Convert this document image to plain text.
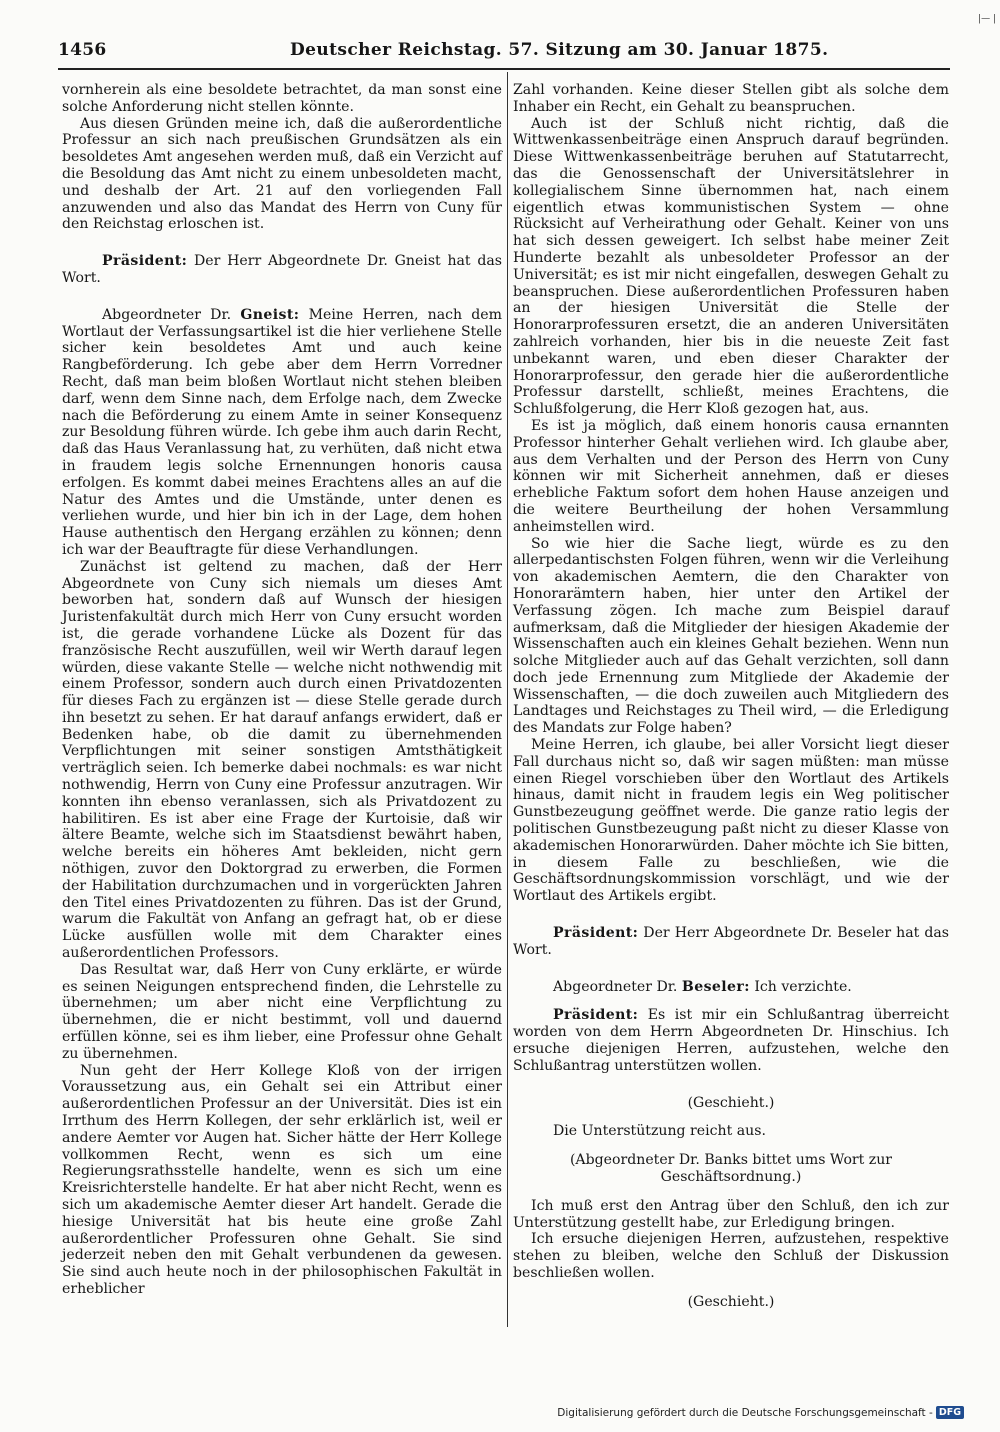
1456	Deutscher Reichstag. 57. Sitzung am 30. Januar 1875.
|— |

vornherein als eine besoldete betrachtet, da man sonst eine solche Anforderung nicht stellen könnte.

Aus diesen Gründen meine ich, daß die außerordentliche Professur an sich nach preußischen Grundsätzen als ein besoldetes Amt angesehen werden muß, daß ein Verzicht auf die Besoldung das Amt nicht zu einem unbesoldeten macht, und deshalb der Art. 21 auf den vorliegenden Fall anzuwenden und also das Mandat des Herrn von Cuny für den Reichstag erloschen ist.

Präsident: Der Herr Abgeordnete Dr. Gneist hat das Wort.

Abgeordneter Dr. Gneist: Meine Herren, nach dem Wortlaut der Verfassungsartikel ist die hier verliehene Stelle sicher kein besoldetes Amt und auch keine Rangbeförderung. Ich gebe aber dem Herrn Vorredner Recht, daß man beim bloßen Wortlaut nicht stehen bleiben darf, wenn dem Sinne nach, dem Erfolge nach, dem Zwecke nach die Beförderung zu einem Amte in seiner Konsequenz zur Besoldung führen würde. Ich gebe ihm auch darin Recht, daß das Haus Veranlassung hat, zu verhüten, daß nicht etwa in fraudem legis solche Ernennungen honoris causa erfolgen. Es kommt dabei meines Erachtens alles an auf die Natur des Amtes und die Umstände, unter denen es verliehen wurde, und hier bin ich in der Lage, dem hohen Hause authentisch den Hergang erzählen zu können; denn ich war der Beauftragte für diese Verhandlungen.

Zunächst ist geltend zu machen, daß der Herr Abgeordnete von Cuny sich niemals um dieses Amt beworben hat, sondern daß auf Wunsch der hiesigen Juristenfakultät durch mich Herr von Cuny ersucht worden ist, die gerade vorhandene Lücke als Dozent für das französische Recht auszufüllen, weil wir Werth darauf legen würden, diese vakante Stelle — welche nicht nothwendig mit einem Professor, sondern auch durch einen Privatdozenten für dieses Fach zu ergänzen ist — diese Stelle gerade durch ihn besetzt zu sehen. Er hat darauf anfangs erwidert, daß er Bedenken habe, ob die damit zu übernehmenden Verpflichtungen mit seiner sonstigen Amtsthätigkeit verträglich seien. Ich bemerke dabei nochmals: es war nicht nothwendig, Herrn von Cuny eine Professur anzutragen. Wir konnten ihn ebenso veranlassen, sich als Privatdozent zu habilitiren. Es ist aber eine Frage der Kurtoisie, daß wir ältere Beamte, welche sich im Staatsdienst bewährt haben, welche bereits ein höheres Amt bekleiden, nicht gern nöthigen, zuvor den Doktorgrad zu erwerben, die Formen der Habilitation durchzumachen und in vorgerückten Jahren den Titel eines Privatdozenten zu führen. Das ist der Grund, warum die Fakultät von Anfang an gefragt hat, ob er diese Lücke ausfüllen wolle mit dem Charakter eines außerordentlichen Professors.

Das Resultat war, daß Herr von Cuny erklärte, er würde es seinen Neigungen entsprechend finden, die Lehrstelle zu übernehmen; um aber nicht eine Verpflichtung zu übernehmen, die er nicht bestimmt, voll und dauernd erfüllen könne, sei es ihm lieber, eine Professur ohne Gehalt zu übernehmen.

Nun geht der Herr Kollege Kloß von der irrigen Voraussetzung aus, ein Gehalt sei ein Attribut einer außerordentlichen Professur an der Universität. Dies ist ein Irrthum des Herrn Kollegen, der sehr erklärlich ist, weil er andere Aemter vor Augen hat. Sicher hätte der Herr Kollege vollkommen Recht, wenn es sich um eine Regierungsrathsstelle handelte, wenn es sich um eine Kreisrichterstelle handelte. Er hat aber nicht Recht, wenn es sich um akademische Aemter dieser Art handelt. Gerade die hiesige Universität hat bis heute eine große Zahl außerordentlicher Professuren ohne Gehalt. Sie sind jederzeit neben den mit Gehalt verbundenen da gewesen. Sie sind auch heute noch in der philosophischen Fakultät in erheblicher

Zahl vorhanden. Keine dieser Stellen gibt als solche dem Inhaber ein Recht, ein Gehalt zu beanspruchen.

Auch ist der Schluß nicht richtig, daß die Wittwenkassenbeiträge einen Anspruch darauf begründen. Diese Wittwenkassenbeiträge beruhen auf Statutarrecht, das die Genossenschaft der Universitätslehrer in kollegialischem Sinne übernommen hat, nach einem eigentlich etwas kommunistischen System — ohne Rücksicht auf Verheirathung oder Gehalt. Keiner von uns hat sich dessen geweigert. Ich selbst habe meiner Zeit Hunderte bezahlt als unbesoldeter Professor an der Universität; es ist mir nicht eingefallen, deswegen Gehalt zu beanspruchen. Diese außerordentlichen Professuren haben an der hiesigen Universität die Stelle der Honorarprofessuren ersetzt, die an anderen Universitäten zahlreich vorhanden, hier bis in die neueste Zeit fast unbekannt waren, und eben dieser Charakter der Honorarprofessur, den gerade hier die außerordentliche Professur darstellt, schließt, meines Erachtens, die Schlußfolgerung, die Herr Kloß gezogen hat, aus.

Es ist ja möglich, daß einem honoris causa ernannten Professor hinterher Gehalt verliehen wird. Ich glaube aber, aus dem Verhalten und der Person des Herrn von Cuny können wir mit Sicherheit annehmen, daß er dieses erhebliche Faktum sofort dem hohen Hause anzeigen und die weitere Beurtheilung der hohen Versammlung anheimstellen wird.

So wie hier die Sache liegt, würde es zu den allerpedantischsten Folgen führen, wenn wir die Verleihung von akademischen Aemtern, die den Charakter von Honorarämtern haben, hier unter den Artikel der Verfassung zögen. Ich mache zum Beispiel darauf aufmerksam, daß die Mitglieder der hiesigen Akademie der Wissenschaften auch ein kleines Gehalt beziehen. Wenn nun solche Mitglieder auch auf das Gehalt verzichten, soll dann doch jede Ernennung zum Mitgliede der Akademie der Wissenschaften, — die doch zuweilen auch Mitgliedern des Landtages und Reichstages zu Theil wird, — die Erledigung des Mandats zur Folge haben?

Meine Herren, ich glaube, bei aller Vorsicht liegt dieser Fall durchaus nicht so, daß wir sagen müßten: man müsse einen Riegel vorschieben über den Wortlaut des Artikels hinaus, damit nicht in fraudem legis ein Weg politischer Gunstbezeugung geöffnet werde. Die ganze ratio legis der politischen Gunstbezeugung paßt nicht zu dieser Klasse von akademischen Honorarwürden. Daher möchte ich Sie bitten, in diesem Falle zu beschließen, wie die Geschäftsordnungskommission vorschlägt, und wie der Wortlaut des Artikels ergibt.

Präsident: Der Herr Abgeordnete Dr. Beseler hat das Wort.

Abgeordneter Dr. Beseler: Ich verzichte.

Präsident: Es ist mir ein Schlußantrag überreicht worden von dem Herrn Abgeordneten Dr. Hinschius. Ich ersuche diejenigen Herren, aufzustehen, welche den Schlußantrag unterstützen wollen.

(Geschieht.)

Die Unterstützung reicht aus.

(Abgeordneter Dr. Banks bittet ums Wort zur Geschäftsordnung.)

Ich muß erst den Antrag über den Schluß, den ich zur Unterstützung gestellt habe, zur Erledigung bringen.

Ich ersuche diejenigen Herren, aufzustehen, respektive stehen zu bleiben, welche den Schluß der Diskussion beschließen wollen.

(Geschieht.)

Digitalisierung gefördert durch die Deutsche Forschungsgemeinschaft - DFG
